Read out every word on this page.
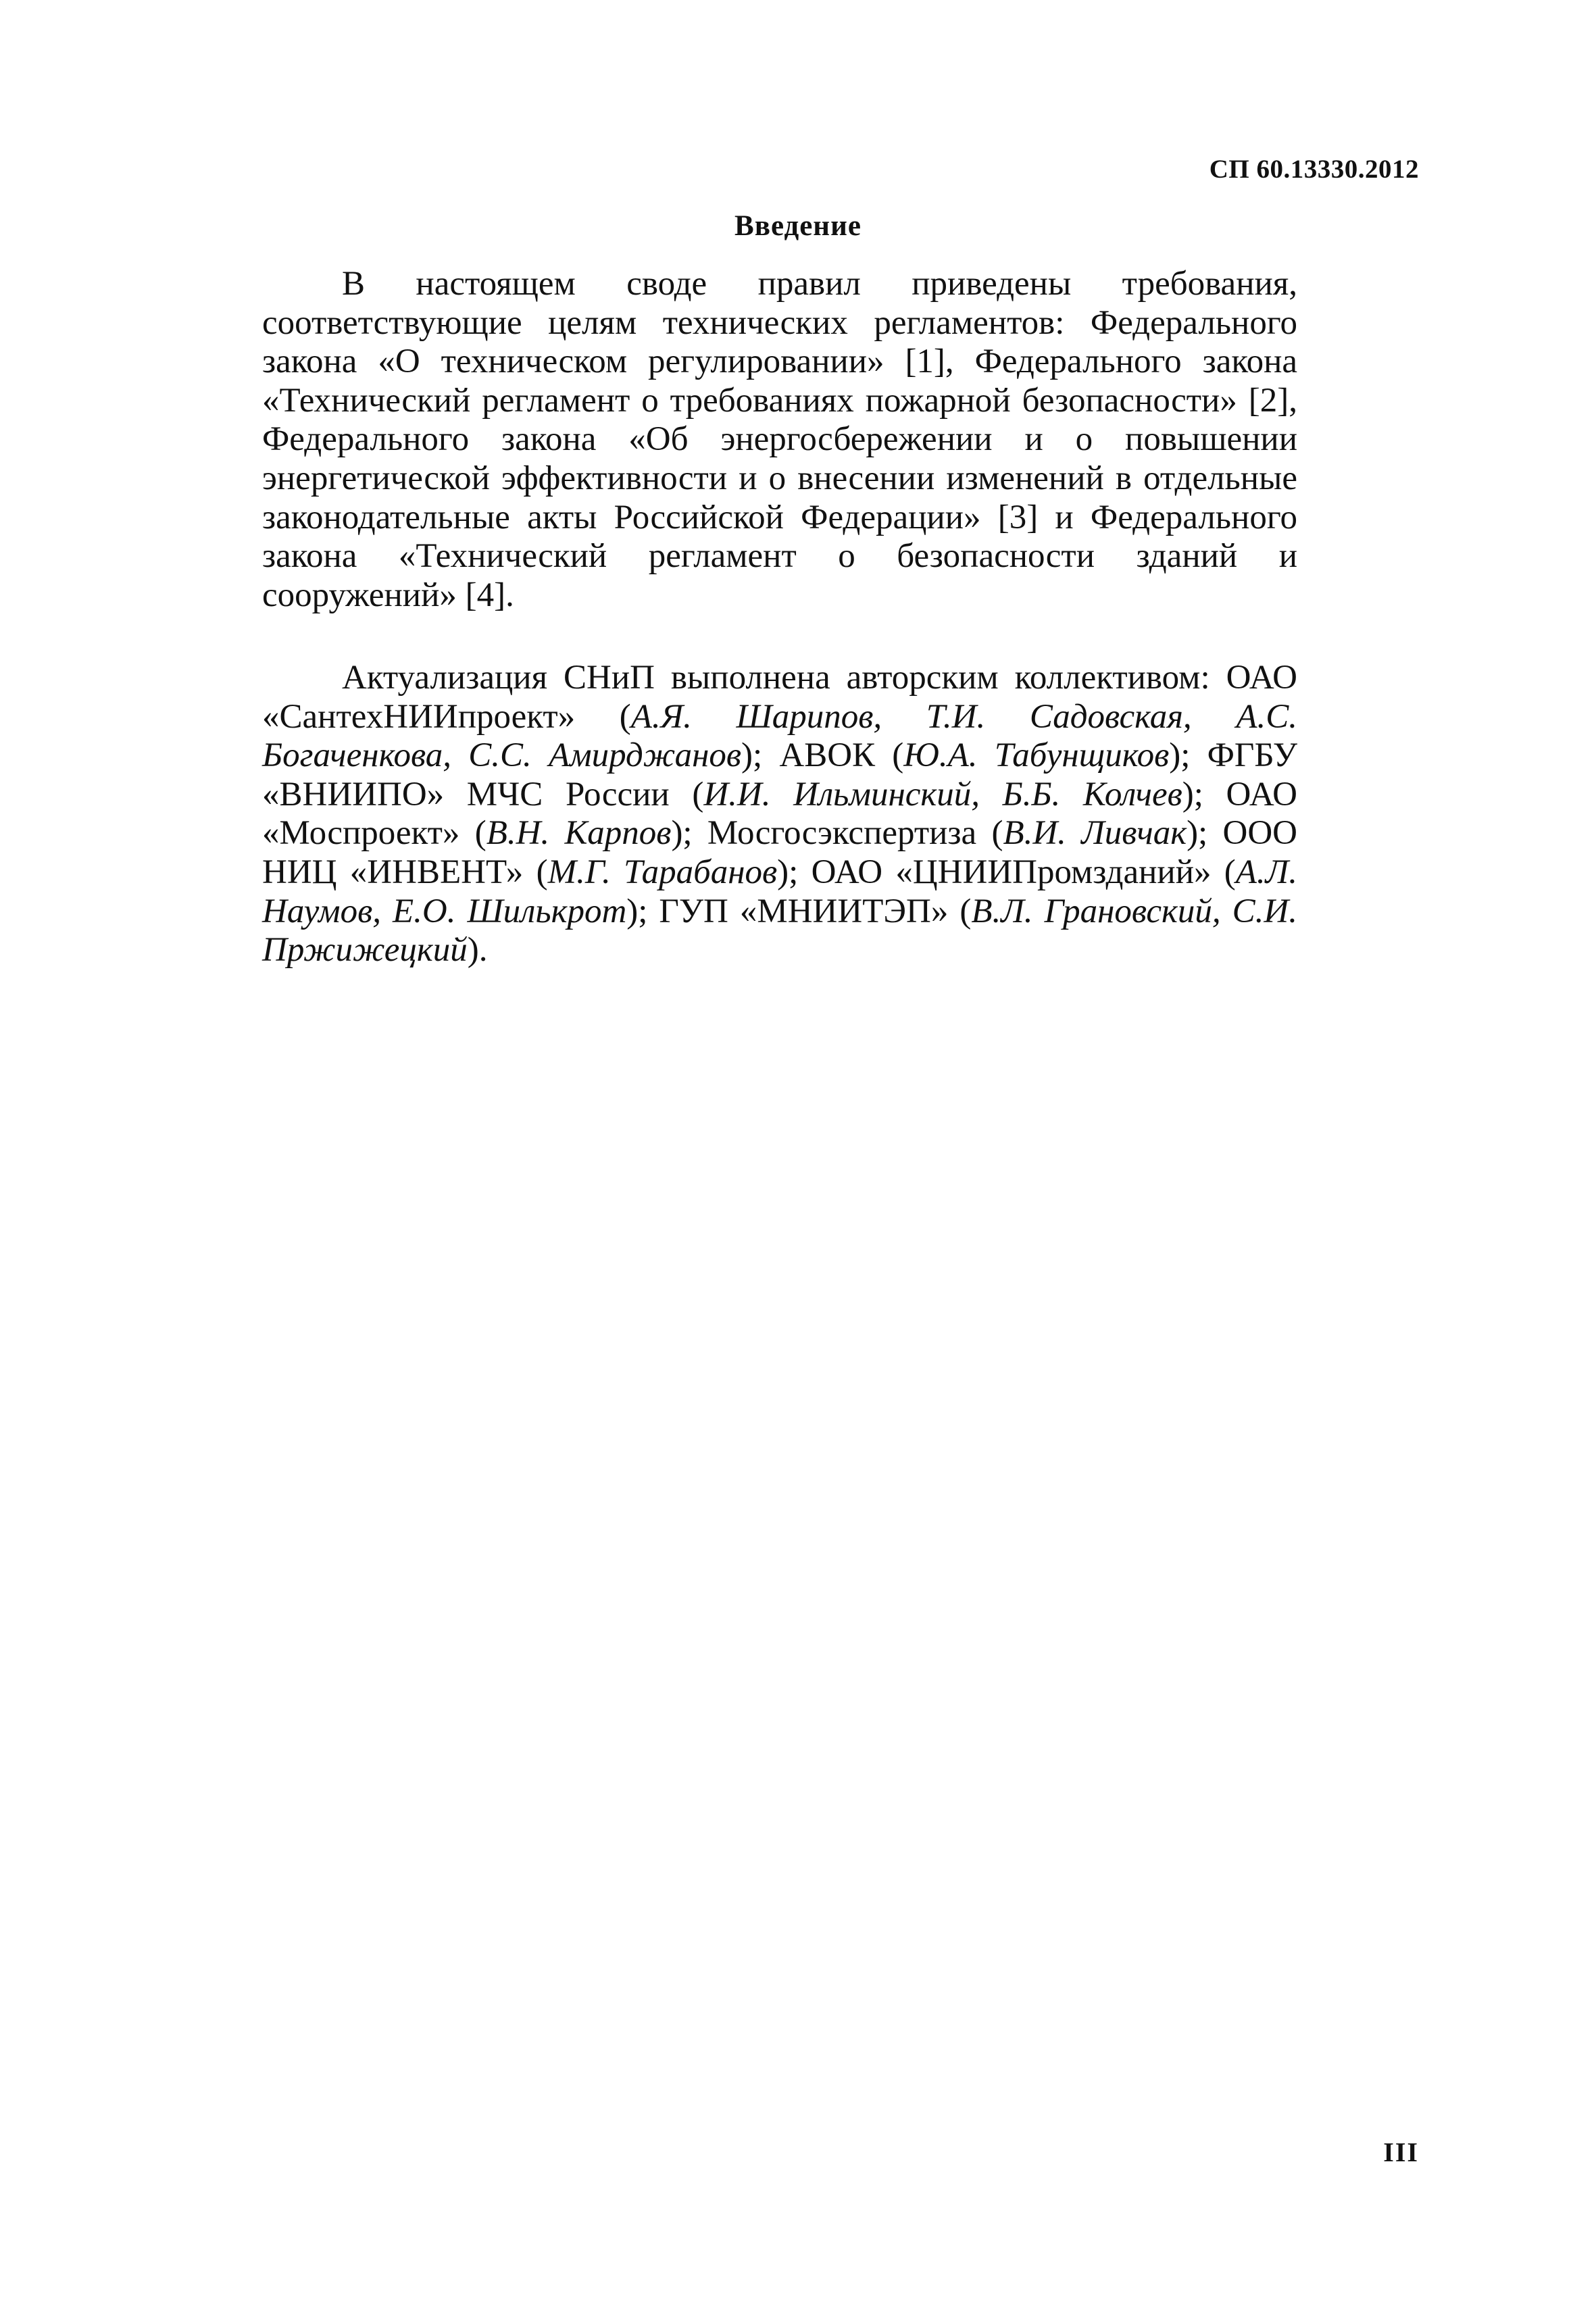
СП 60.13330.2012
Введение
В настоящем своде правил приведены требования, соответствующие целям технических регламентов: Федерального закона «О техническом регулировании» [1], Федерального закона «Технический регламент о требованиях пожарной безопасности» [2], Федерального закона «Об энергосбережении и о повышении энергетической эффективности и о внесении изменений в отдельные законодательные акты Российской Федерации» [3] и Федерального закона «Технический регламент о безопасности зданий и сооружений» [4].
Актуализация СНиП выполнена авторским коллективом: ОАО «СантехНИИпроект» (А.Я. Шарипов, Т.И. Садовская, А.С. Богаченкова, С.С. Амирджанов); АВОК (Ю.А. Табунщиков); ФГБУ «ВНИИПО» МЧС России (И.И. Ильминский, Б.Б. Колчев); ОАО «Моспроект» (В.Н. Карпов); Мосгосэкспертиза (В.И. Ливчак); ООО НИЦ «ИНВЕНТ» (М.Г. Тарабанов); ОАО «ЦНИИПромзданий» (А.Л. Наумов, Е.О. Шилькрот); ГУП «МНИИТЭП» (В.Л. Грановский, С.И. Пржижецкий).
III
